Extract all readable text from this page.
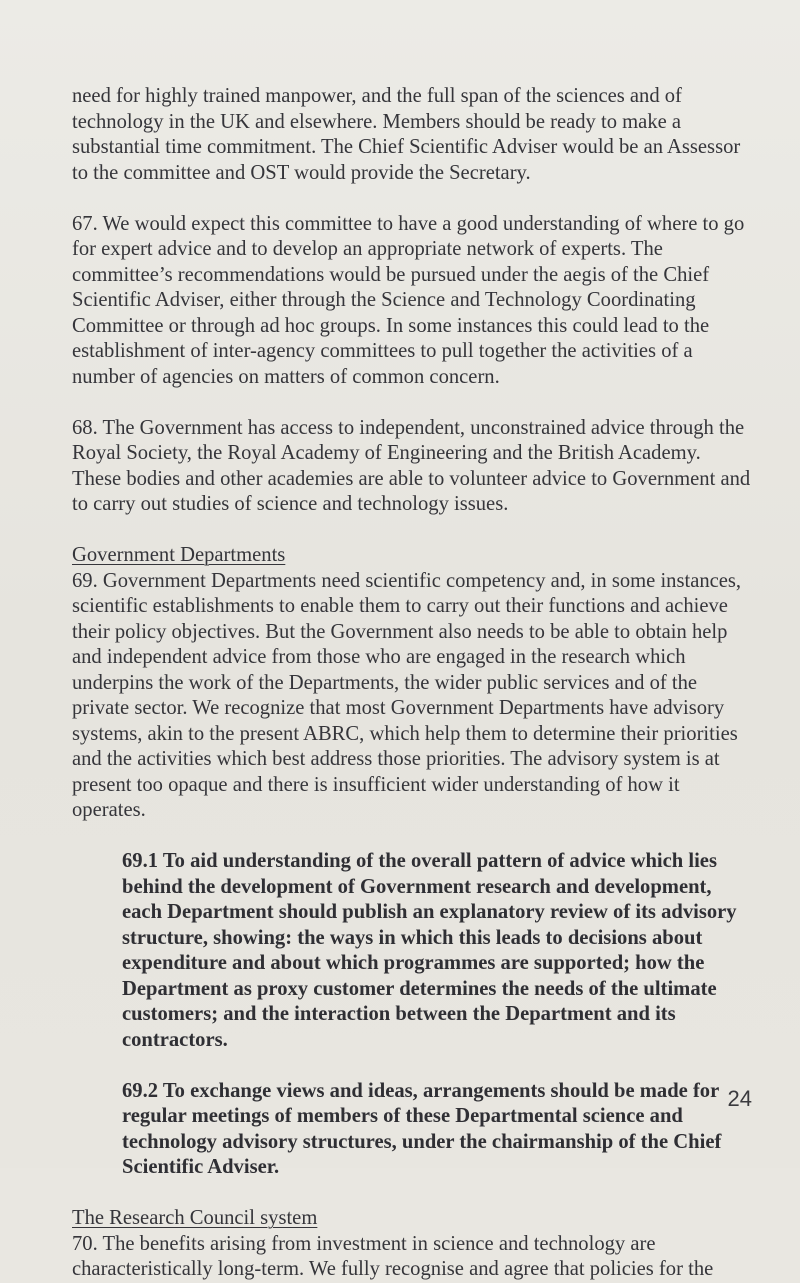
need for highly trained manpower, and the full span of the sciences and of technology in the UK and elsewhere. Members should be ready to make a substantial time commitment. The Chief Scientific Adviser would be an Assessor to the committee and OST would provide the Secretary.

67. We would expect this committee to have a good understanding of where to go for expert advice and to develop an appropriate network of experts. The committee’s recommendations would be pursued under the aegis of the Chief Scientific Adviser, either through the Science and Technology Coordinating Committee or through ad hoc groups. In some instances this could lead to the establishment of inter-agency committees to pull together the activities of a number of agencies on matters of common concern.

68. The Government has access to independent, unconstrained advice through the Royal Society, the Royal Academy of Engineering and the British Academy. These bodies and other academies are able to volunteer advice to Government and to carry out studies of science and technology issues.

Government Departments

69. Government Departments need scientific competency and, in some instances, scientific establishments to enable them to carry out their functions and achieve their policy objectives. But the Government also needs to be able to obtain help and independent advice from those who are engaged in the research which underpins the work of the Departments, the wider public services and of the private sector. We recognize that most Government Departments have advisory systems, akin to the present ABRC, which help them to determine their priorities and the activities which best address those priorities. The advisory system is at present too opaque and there is insufficient wider understanding of how it operates.

69.1 To aid understanding of the overall pattern of advice which lies behind the development of Government research and development, each Department should publish an explanatory review of its advisory structure, showing: the ways in which this leads to decisions about expenditure and about which programmes are supported; how the Department as proxy customer determines the needs of the ultimate customers; and the interaction between the Department and its contractors.

69.2 To exchange views and ideas, arrangements should be made for regular meetings of members of these Departmental science and technology advisory structures, under the chairmanship of the Chief Scientific Adviser.

The Research Council system

70. The benefits arising from investment in science and technology are characteristically long-term. We fully recognise and agree that policies for the

24
